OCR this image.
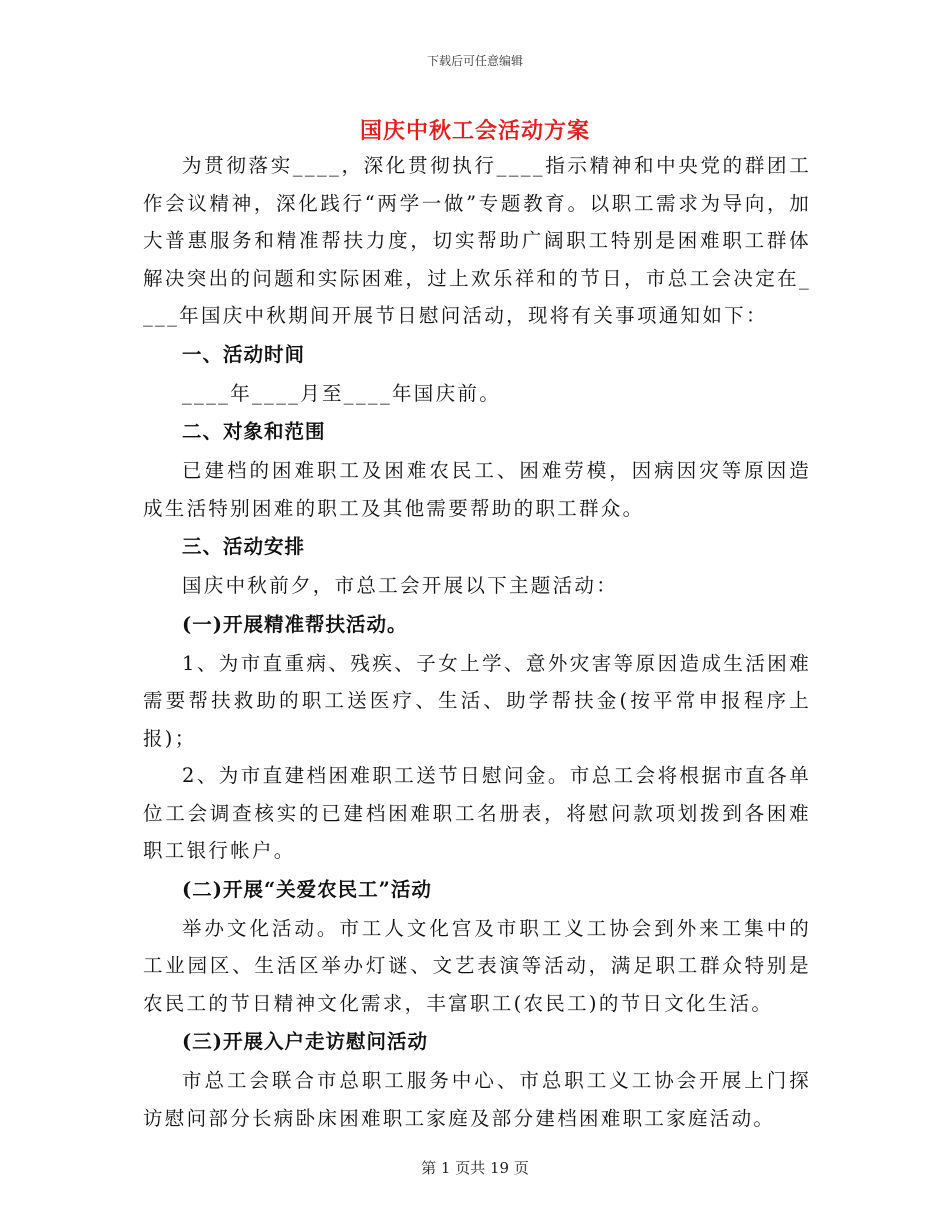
下载后可任意编辑
国庆中秋工会活动方案

为贯彻落实____，深化贯彻执行____指示精神和中央党的群团工作会议精神，深化践行“两学一做”专题教育。以职工需求为导向，加大普惠服务和精准帮扶力度，切实帮助广阔职工特别是困难职工群体解决突出的问题和实际困难，过上欢乐祥和的节日，市总工会决定在____年国庆中秋期间开展节日慰问活动，现将有关事项通知如下：

一、活动时间

____年____月至____年国庆前。

二、对象和范围

已建档的困难职工及困难农民工、困难劳模，因病因灾等原因造成生活特别困难的职工及其他需要帮助的职工群众。

三、活动安排

国庆中秋前夕，市总工会开展以下主题活动：

(一)开展精准帮扶活动。

1、为市直重病、残疾、子女上学、意外灾害等原因造成生活困难需要帮扶救助的职工送医疗、生活、助学帮扶金(按平常申报程序上报)；

2、为市直建档困难职工送节日慰问金。市总工会将根据市直各单位工会调查核实的已建档困难职工名册表，将慰问款项划拨到各困难职工银行帐户。

(二)开展“关爱农民工”活动

举办文化活动。市工人文化宫及市职工义工协会到外来工集中的工业园区、生活区举办灯谜、文艺表演等活动，满足职工群众特别是农民工的节日精神文化需求，丰富职工(农民工)的节日文化生活。

(三)开展入户走访慰问活动

市总工会联合市总职工服务中心、市总职工义工协会开展上门探访慰问部分长病卧床困难职工家庭及部分建档困难职工家庭活动。

第 1 页共 19 页
